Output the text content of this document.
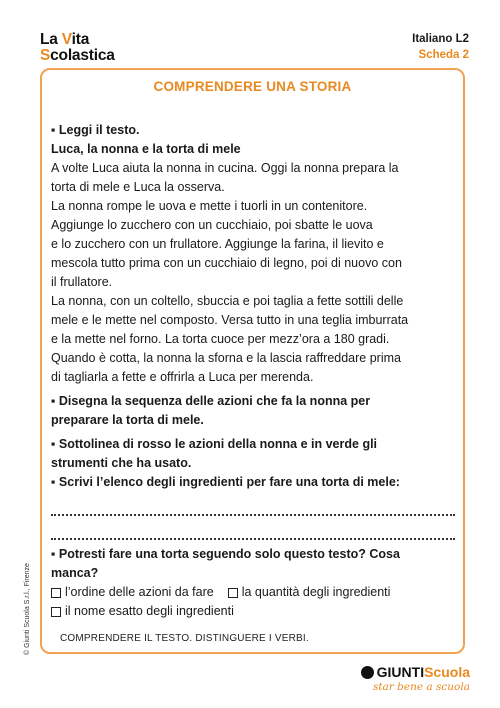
La Vita
Scolastica
Italiano L2
Scheda 2
COMPRENDERE UNA STORIA

▪ Leggi il testo.

Luca, la nonna e la torta di mele

A volte Luca aiuta la nonna in cucina. Oggi la nonna prepara la

torta di mele e Luca la osserva.

La nonna rompe le uova e mette i tuorli in un contenitore.

Aggiunge lo zucchero con un cucchiaio, poi sbatte le uova

e lo zucchero con un frullatore. Aggiunge la farina, il lievito e

mescola tutto prima con un cucchiaio di legno, poi di nuovo con

il frullatore.

La nonna, con un coltello, sbuccia e poi taglia a fette sottili delle

mele e le mette nel composto. Versa tutto in una teglia imburrata

e la mette nel forno. La torta cuoce per mezz’ora a 180 gradi.

Quando è cotta, la nonna la sforna e la lascia raffreddare prima

di tagliarla a fette e offrirla a Luca per merenda.

▪ Disegna la sequenza delle azioni che fa la nonna per

preparare la torta di mele.

▪ Sottolinea di rosso le azioni della nonna e in verde gli

strumenti che ha usato.

▪ Scrivi l’elenco degli ingredienti per fare una torta di mele:

▪ Potresti fare una torta seguendo solo questo testo? Cosa

manca?

l’ordine delle azioni da fare la quantità degli ingredienti
il nome esatto degli ingredienti
COMPRENDERE IL TESTO. DISTINGUERE I VERBI.
© Giunti Scuola S.r.l., Firenze
GIUNTI Scuola
star bene a scuola
